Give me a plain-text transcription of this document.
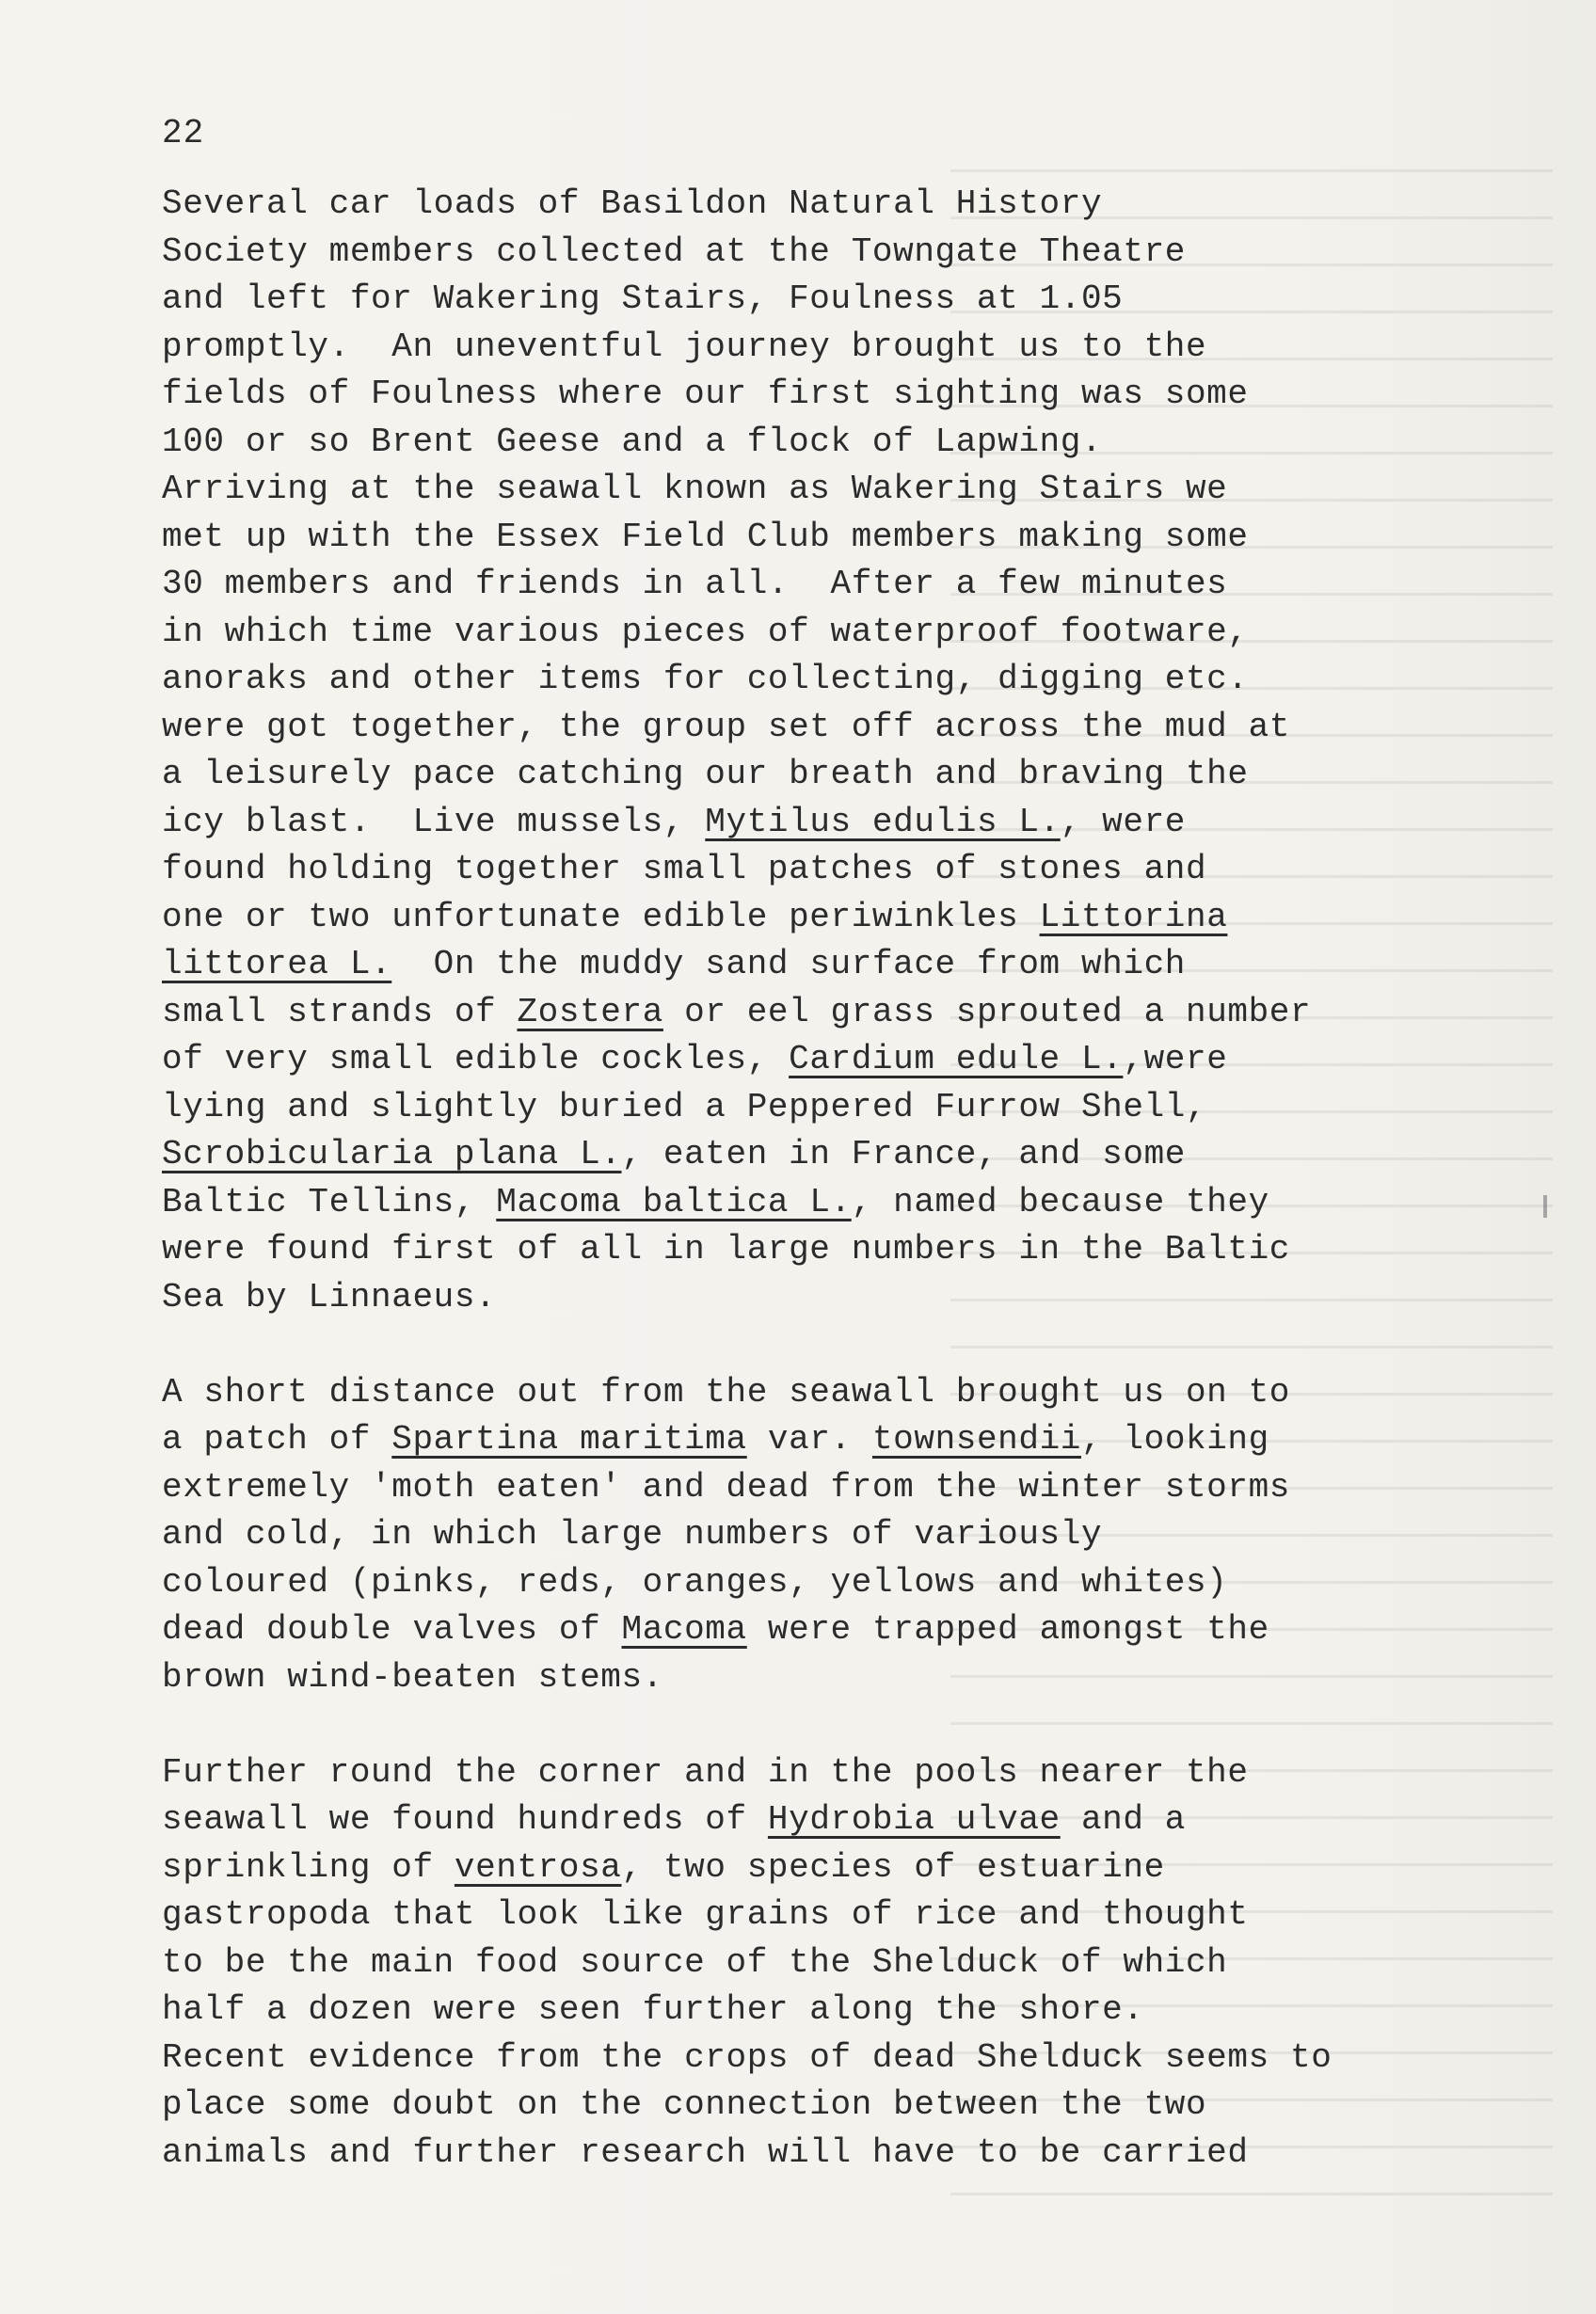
22
Several car loads of Basildon Natural History
Society members collected at the Towngate Theatre
and left for Wakering Stairs, Foulness at 1.05
promptly.  An uneventful journey brought us to the
fields of Foulness where our first sighting was some
100 or so Brent Geese and a flock of Lapwing.
Arriving at the seawall known as Wakering Stairs we
met up with the Essex Field Club members making some
30 members and friends in all.  After a few minutes
in which time various pieces of waterproof footware,
anoraks and other items for collecting, digging etc.
were got together, the group set off across the mud at
a leisurely pace catching our breath and braving the
icy blast.  Live mussels, Mytilus edulis L., were
found holding together small patches of stones and
one or two unfortunate edible periwinkles Littorina
littorea L.  On the muddy sand surface from which
small strands of Zostera or eel grass sprouted a number
of very small edible cockles, Cardium edule L.,were
lying and slightly buried a Peppered Furrow Shell,
Scrobicularia plana L., eaten in France, and some
Baltic Tellins, Macoma baltica L., named because they
were found first of all in large numbers in the Baltic
Sea by Linnaeus.
A short distance out from the seawall brought us on to
a patch of Spartina maritima var. townsendii, looking
extremely 'moth eaten' and dead from the winter storms
and cold, in which large numbers of variously
coloured (pinks, reds, oranges, yellows and whites)
dead double valves of Macoma were trapped amongst the
brown wind-beaten stems.
Further round the corner and in the pools nearer the
seawall we found hundreds of Hydrobia ulvae and a
sprinkling of ventrosa, two species of estuarine
gastropoda that look like grains of rice and thought
to be the main food source of the Shelduck of which
half a dozen were seen further along the shore.
Recent evidence from the crops of dead Shelduck seems to
place some doubt on the connection between the two
animals and further research will have to be carried
